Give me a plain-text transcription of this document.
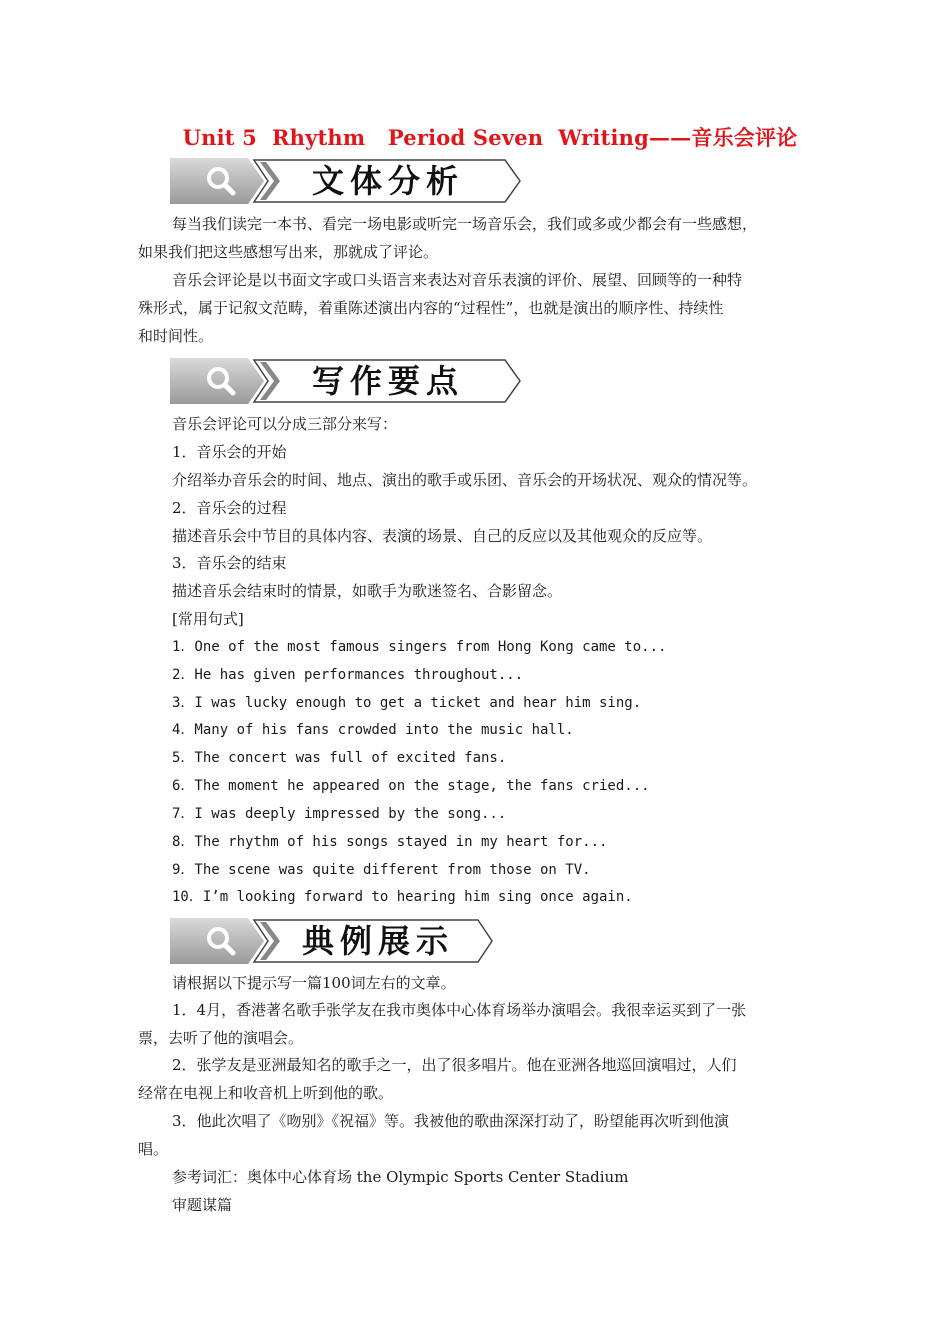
Unit 5  Rhythm   Period Seven  Writing——音乐会评论
文体分析
每当我们读完一本书、看完一场电影或听完一场音乐会，我们或多或少都会有一些感想，
如果我们把这些感想写出来，那就成了评论。
音乐会评论是以书面文字或口头语言来表达对音乐表演的评价、展望、回顾等的一种特
殊形式，属于记叙文范畴，着重陈述演出内容的“过程性”，也就是演出的顺序性、持续性
和时间性。
写作要点
音乐会评论可以分成三部分来写：
1．音乐会的开始
介绍举办音乐会的时间、地点、演出的歌手或乐团、音乐会的开场状况、观众的情况等。
2．音乐会的过程
描述音乐会中节目的具体内容、表演的场景、自己的反应以及其他观众的反应等。
3．音乐会的结束
描述音乐会结束时的情景，如歌手为歌迷签名、合影留念。
[常用句式]
1．One of the most famous singers from Hong Kong came to...
2．He has given performances throughout...
3．I was lucky enough to get a ticket and hear him sing.
4．Many of his fans crowded into the music hall.
5．The concert was full of excited fans.
6．The moment he appeared on the stage, the fans cried...
7．I was deeply impressed by the song...
8．The rhythm of his songs stayed in my heart for...
9．The scene was quite different from those on TV.
10．I’m looking forward to hearing him sing once again.
典例展示
请根据以下提示写一篇100词左右的文章。
1．4月，香港著名歌手张学友在我市奥体中心体育场举办演唱会。我很幸运买到了一张
票，去听了他的演唱会。
2．张学友是亚洲最知名的歌手之一，出了很多唱片。他在亚洲各地巡回演唱过，人们
经常在电视上和收音机上听到他的歌。
3．他此次唱了《吻别》《祝福》等。我被他的歌曲深深打动了，盼望能再次听到他演
唱。
参考词汇：奥体中心体育场 the Olympic Sports Center Stadium
审题谋篇
